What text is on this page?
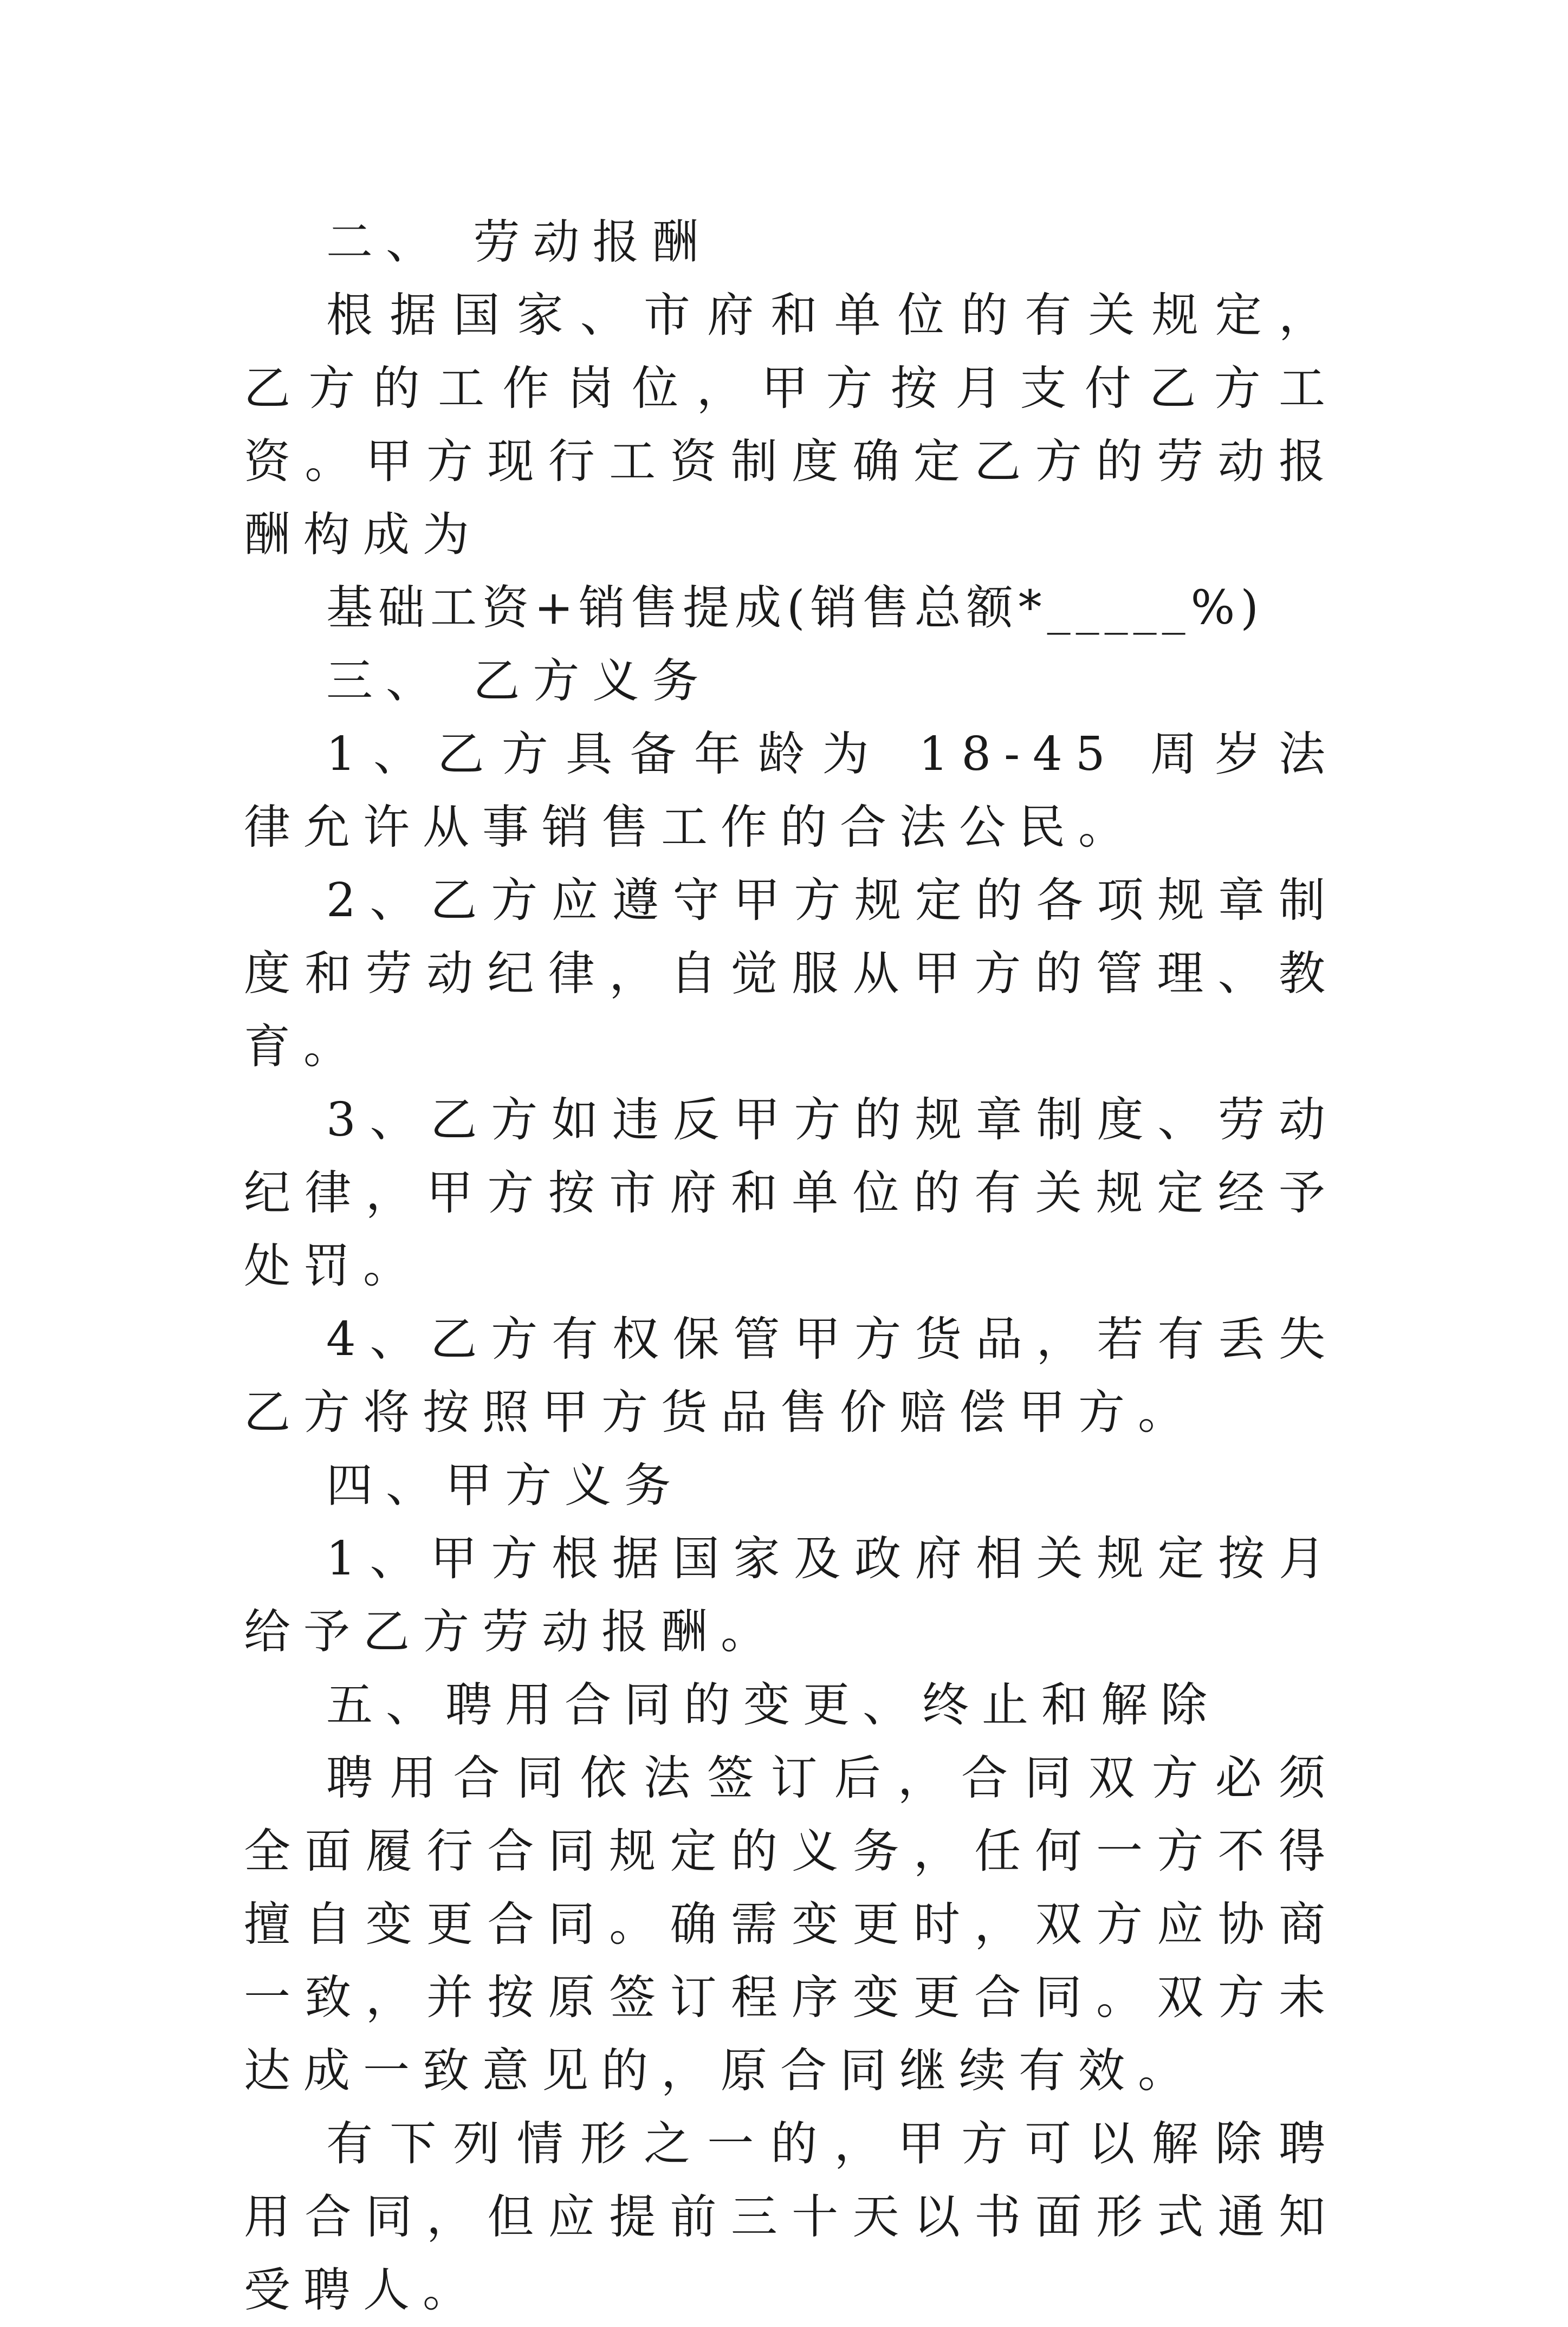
二、 劳动报酬

根据国家、市府和单位的有关规定，乙方的工作岗位，甲方按月支付乙方工资。甲方现行工资制度确定乙方的劳动报酬构成为

基础工资+销售提成(销售总额*_____%)

三、 乙方义务

1、乙方具备年龄为 18-45 周岁法律允许从事销售工作的合法公民。

2、乙方应遵守甲方规定的各项规章制度和劳动纪律，自觉服从甲方的管理、教育。

3、乙方如违反甲方的规章制度、劳动纪律，甲方按市府和单位的有关规定经予处罚。

4、乙方有权保管甲方货品，若有丢失乙方将按照甲方货品售价赔偿甲方。

四、甲方义务

1、甲方根据国家及政府相关规定按月给予乙方劳动报酬。

五、聘用合同的变更、终止和解除

聘用合同依法签订后，合同双方必须全面履行合同规定的义务，任何一方不得擅自变更合同。确需变更时，双方应协商一致，并按原签订程序变更合同。双方未达成一致意见的，原合同继续有效。

有下列情形之一的，甲方可以解除聘用合同，但应提前三十天以书面形式通知受聘人。
